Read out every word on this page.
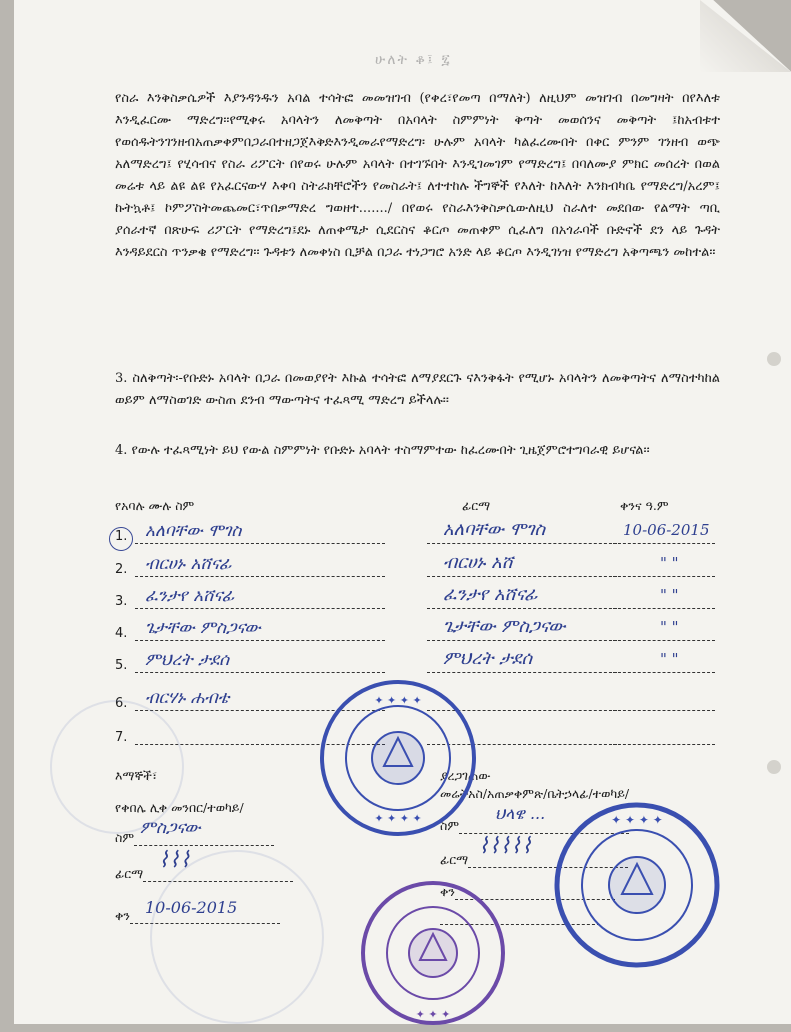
ሁለት ቆ፤ ፯
የስራ እንቅስቃሴዎች እያንዳንዱን አባል ተሳትፎ መመዝገብ (የቀረ፣የመጣ በማለት) ለዚህም መዝገብ በመግዛት በየእለቱ እንዲፈርሙ ማድረግ፡፡የሚቀሩ አባላትን ለመቅጣት በአባላት ስምምነት ቅጣት መወሰንና መቅጣት ፤ከአብቱተ የወሰዱትንገንዘብአጠቃቀምበጋራበተዘጋጀእቅድእንዲመራየማድረግ፡ ሁሉም አባላት ካልፈረሙበት በቀር ምንም ገንዘብ ወጭ አለማድረግ፤ የሂሳብና የስራ ሪፖርት በየወሩ ሁሉም አባላት በተገኙበት እንዲገመገም የማድረግ፤ በባለሙያ ምክር መሰረት በወል መሬቱ ላይ ልዩ ልዩ የአፈርናውሃ እቀባ ስትራክቸሮችን የመስራት፤ ለተተከሉ ችግኞች የእለት ከእለት እንክብካቤ የማድረግ/አረም፤ ኩትኳቶ፤ ኮምፖስትመጨመር፣ጥበቃማድረ ግወዘተ......./ በየወሩ የስራእንቅስቃሴውለዚህ ስራለተ መደበው የልማት ጣቢ ያሰራተኛ በጽሁፍ ሪፖርት የማድረግ፤ደኑ ለጠቀሜታ ሲደርስና ቆርጦ መጠቀም ሲፈለግ በአጎራባች ቡድኖች ደን ላይ ጉዳት እንዳይደርስ ጥንቃቄ የማድረግ፡፡ ጉዳቱን ለመቀነስ ቢቻል በጋራ ተነጋግሮ አንድ ላይ ቆርጦ እንዲገነዝ የማድረግ አቅጣጫን መከተል፡፡
3. ስለቅጣት፡-የቡድኑ አባላት በጋራ በመወያየት እኩል ተሳትፎ ለማያደርጉ ናእንቅፋት የሚሆኑ አባላትን ለመቅጣትና ለማስተካከል ወይም ለማስወገድ ውስጠ ደንብ ማውጣትና ተፈጻሚ ማድረግ ይችላሉ፡፡
4. የውሉ ተፈጻሚነት ይህ የውል ስምምነት የቡድኑ አባላት ተስማምተው ከፈረሙበት ጊዜጀምሮተግባራዊ ይሆናል፡፡
የአባሉ ሙሉ ስም	ፊርማ	ቀንና ዓ.ም
1. አለባቸው ሞገስ	አለባቸው ሞገስ	10-06-2015
2. ብርሀኑ አሸናፊ	ብርሀኑ አሸ	" "
3. ፈንታየ አሸናፊ	ፈንታየ አሸናፊ	" "
4. ጌታቸው ምስጋናው	ጌታቸው ምስጋናው	" "
5. ምህረት ታደሰ	ምህረት ታደሰ	" "
6. ብርሃኑ ሐብቴ
7.
እማኞች፣
የቀበሌ ሊቀ መንበር/ተወካይ/
ስም ምስጋናው
ፊርማ
⌇⌇⌇
ቀን 10-06-2015
ያረጋገጠው
መሬትአስ/አጠቃቀምጽ/ቤትኃላፊ/ተወካይ/
ስም
ህላዌ ...
ፊርማ
⌇⌇⌇⌇⌇
ቀን
✦ ✦ ✦ ✦
✦ ✦ ✦ ✦	✦ ✦ ✦ ✦
✦ ✦ ✦
